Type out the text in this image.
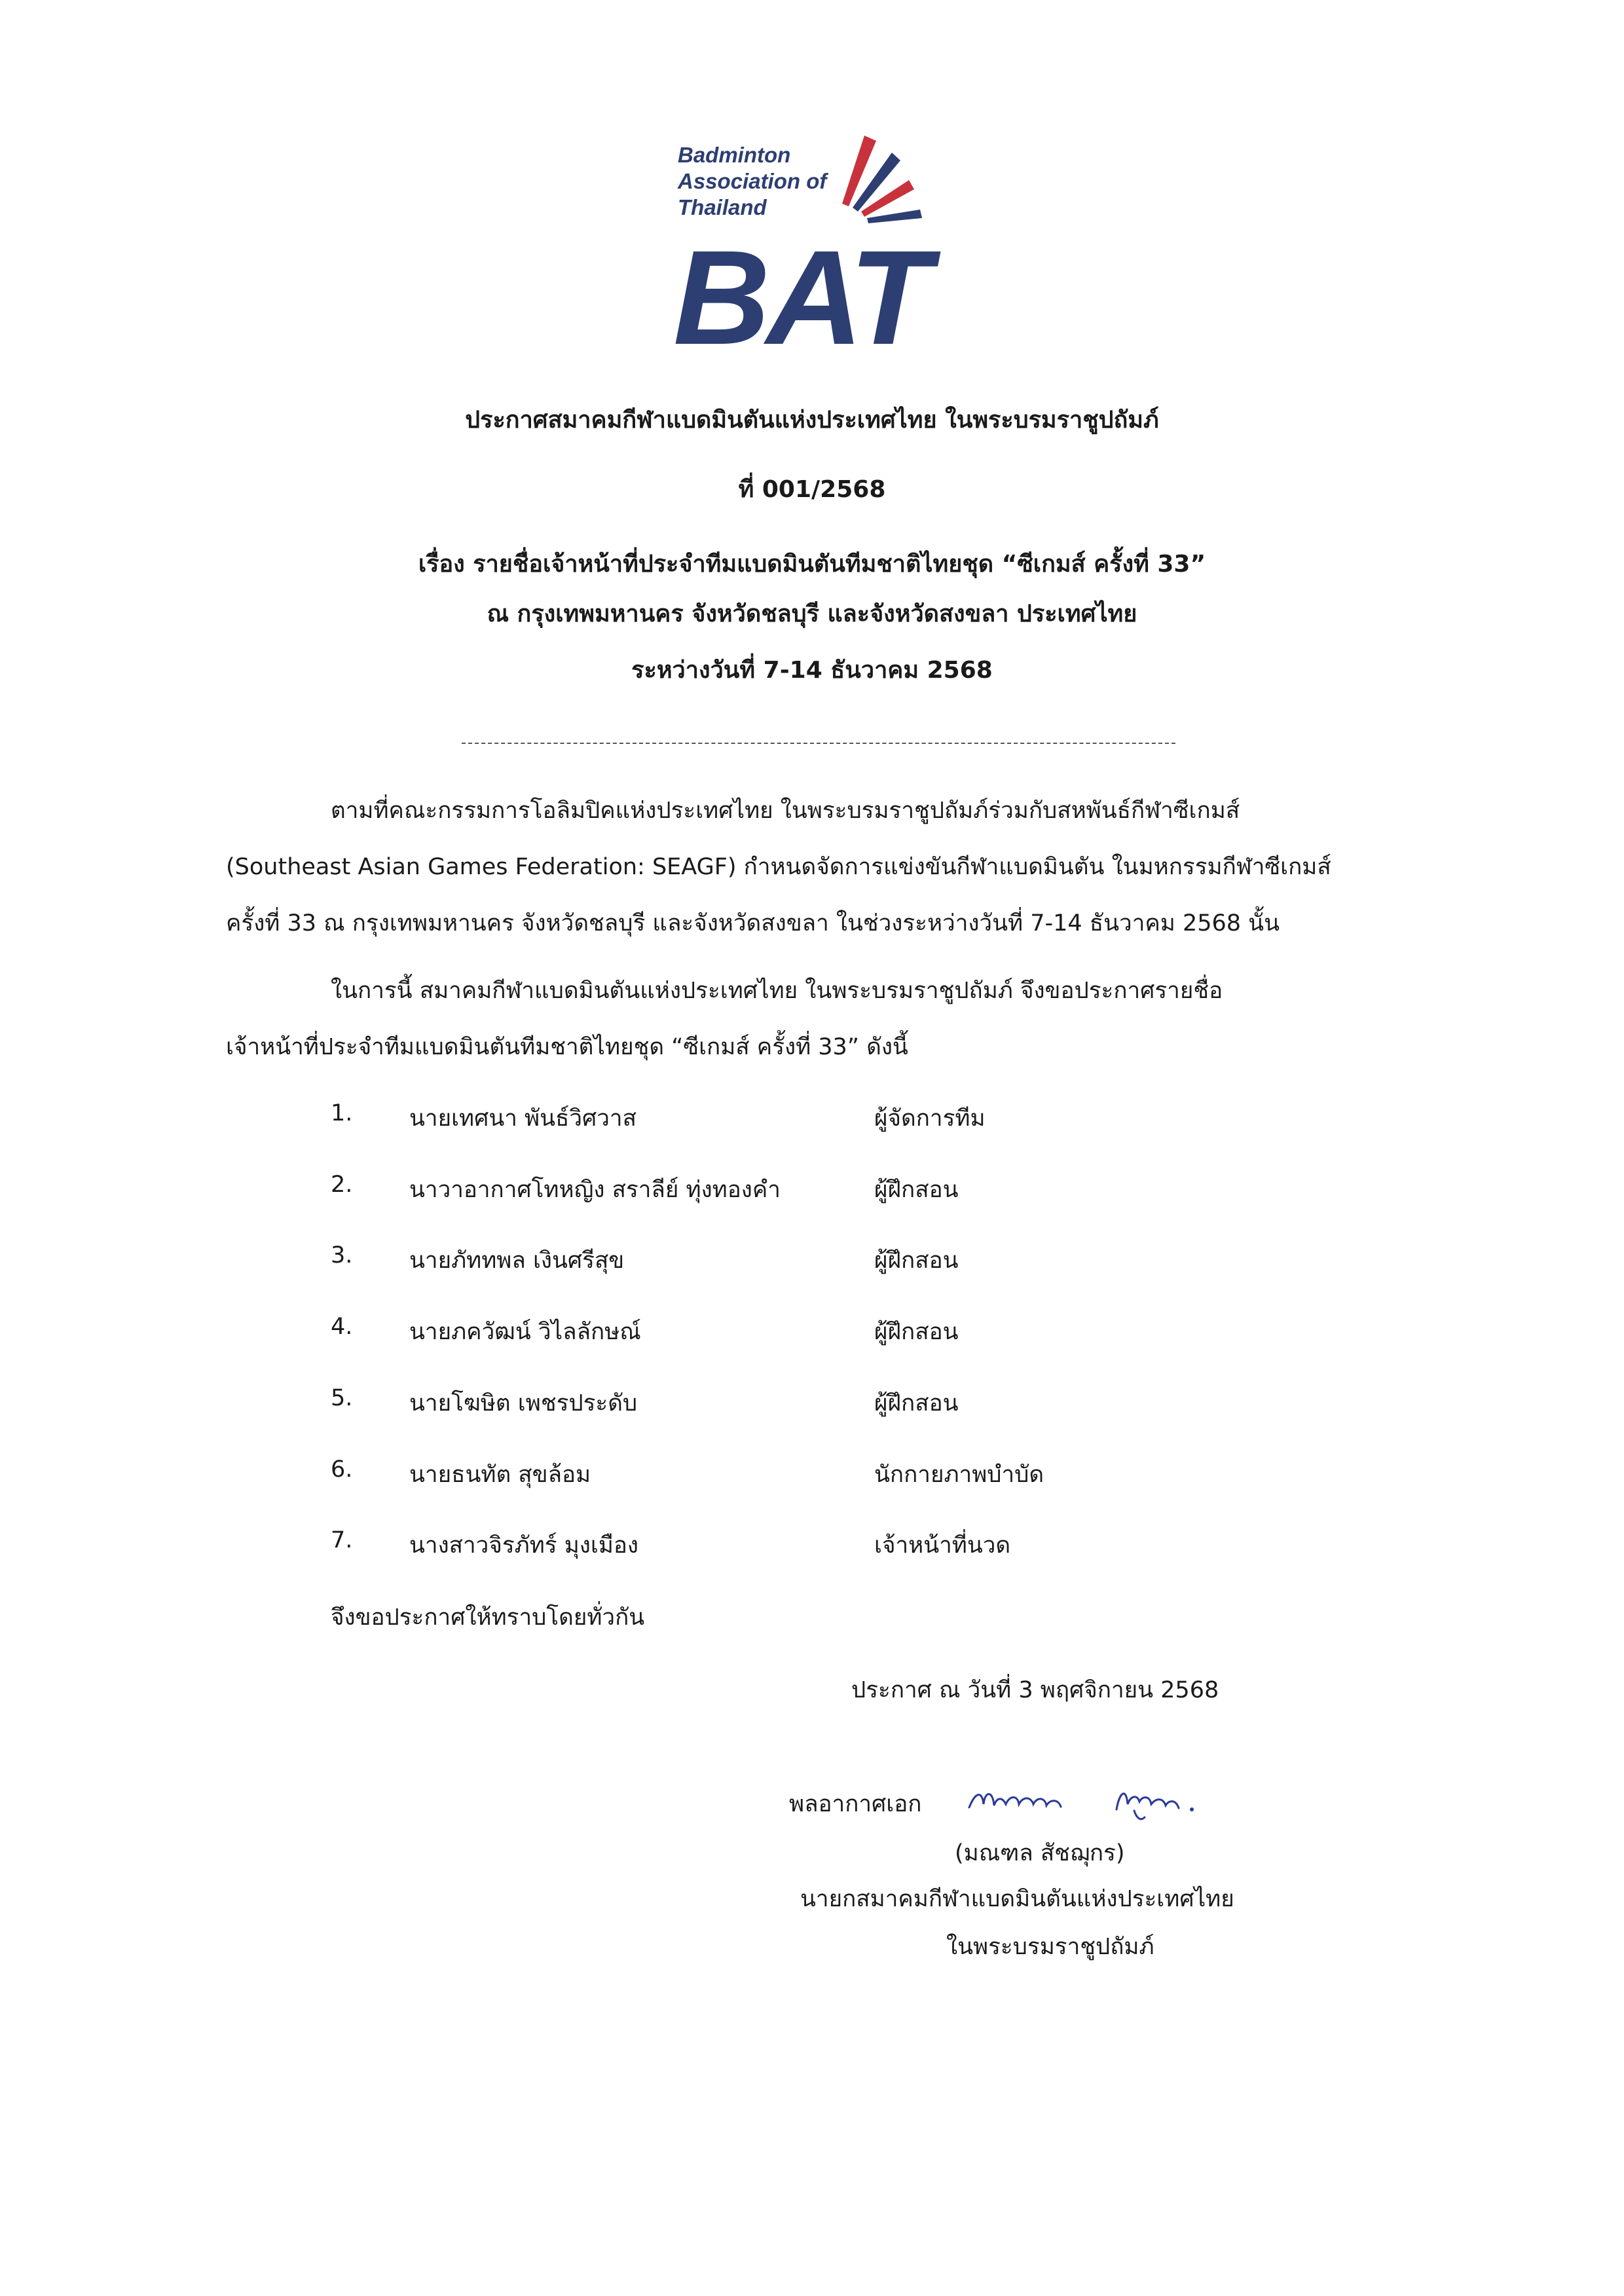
BAT
Badminton
Association of
Thailand
ประกาศสมาคมกีฬาแบดมินตันแห่งประเทศไทย ในพระบรมราชูปถัมภ์
ที่ 001/2568
เรื่อง รายชื่อเจ้าหน้าที่ประจำทีมแบดมินตันทีมชาติไทยชุด “ซีเกมส์ ครั้งที่ 33”
ณ กรุงเทพมหานคร จังหวัดชลบุรี และจังหวัดสงขลา ประเทศไทย
ระหว่างวันที่ 7-14 ธันวาคม 2568
ตามที่คณะกรรมการโอลิมปิคแห่งประเทศไทย ในพระบรมราชูปถัมภ์ร่วมกับสหพันธ์กีฬาซีเกมส์
(Southeast Asian Games Federation: SEAGF) กำหนดจัดการแข่งขันกีฬาแบดมินตัน ในมหกรรมกีฬาซีเกมส์
ครั้งที่ 33 ณ กรุงเทพมหานคร จังหวัดชลบุรี และจังหวัดสงขลา ในช่วงระหว่างวันที่ 7-14 ธันวาคม 2568 นั้น
ในการนี้ สมาคมกีฬาแบดมินตันแห่งประเทศไทย ในพระบรมราชูปถัมภ์ จึงขอประกาศรายชื่อ
เจ้าหน้าที่ประจำทีมแบดมินตันทีมชาติไทยชุด “ซีเกมส์ ครั้งที่ 33” ดังนี้
1. นายเทศนา พันธ์วิศวาส	ผู้จัดการทีม
2. นาวาอากาศโทหญิง สราลีย์ ทุ่งทองคำ	ผู้ฝึกสอน
3. นายภัททพล เงินศรีสุข	ผู้ฝึกสอน
4. นายภควัฒน์ วิไลลักษณ์	ผู้ฝึกสอน
5. นายโฆษิต เพชรประดับ	ผู้ฝึกสอน
6. นายธนทัต สุขล้อม	นักกายภาพบำบัด
7. นางสาวจิรภัทร์ มุงเมือง	เจ้าหน้าที่นวด
จึงขอประกาศให้ทราบโดยทั่วกัน
ประกาศ ณ วันที่ 3 พฤศจิกายน 2568
พลอากาศเอก
(มณฑล สัชฌุกร)
นายกสมาคมกีฬาแบดมินตันแห่งประเทศไทย
ในพระบรมราชูปถัมภ์
